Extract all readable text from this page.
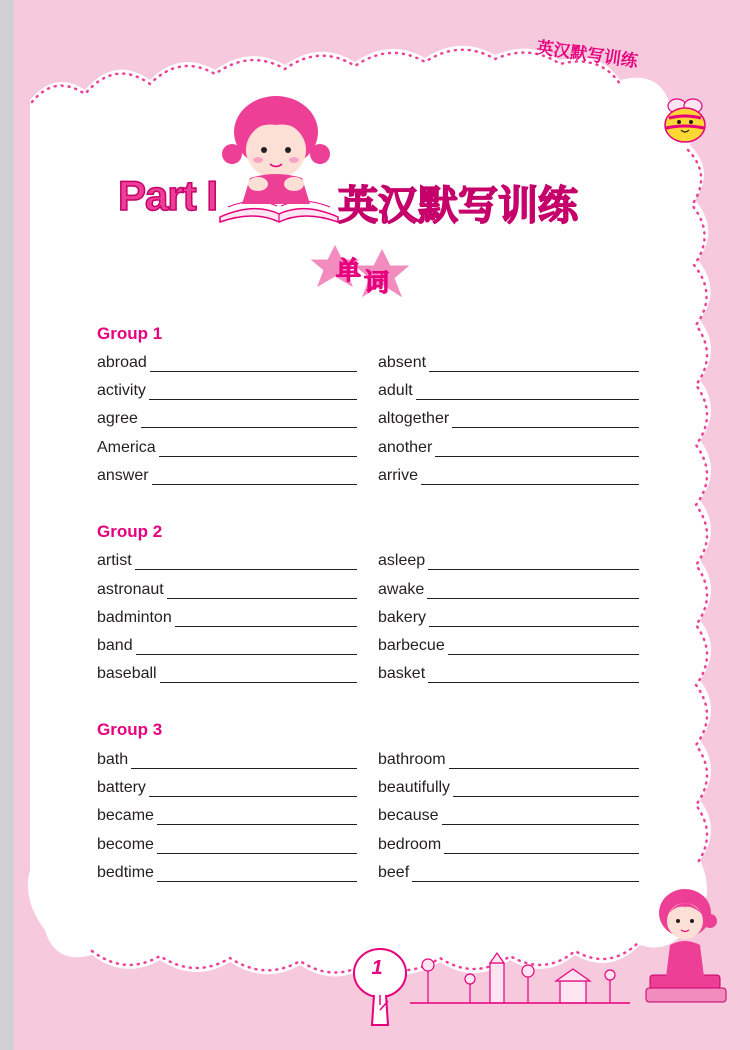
英汉默写训练
Part I	英汉默写训练
单 词
Group 1
abroad
activity
agree
America
answer
absent
adult
altogether
another
arrive
Group 2
artist
astronaut
badminton
band
baseball
asleep
awake
bakery
barbecue
basket
Group 3
bath
battery
became
become
bedtime
bathroom
beautifully
because
bedroom
beef
1
